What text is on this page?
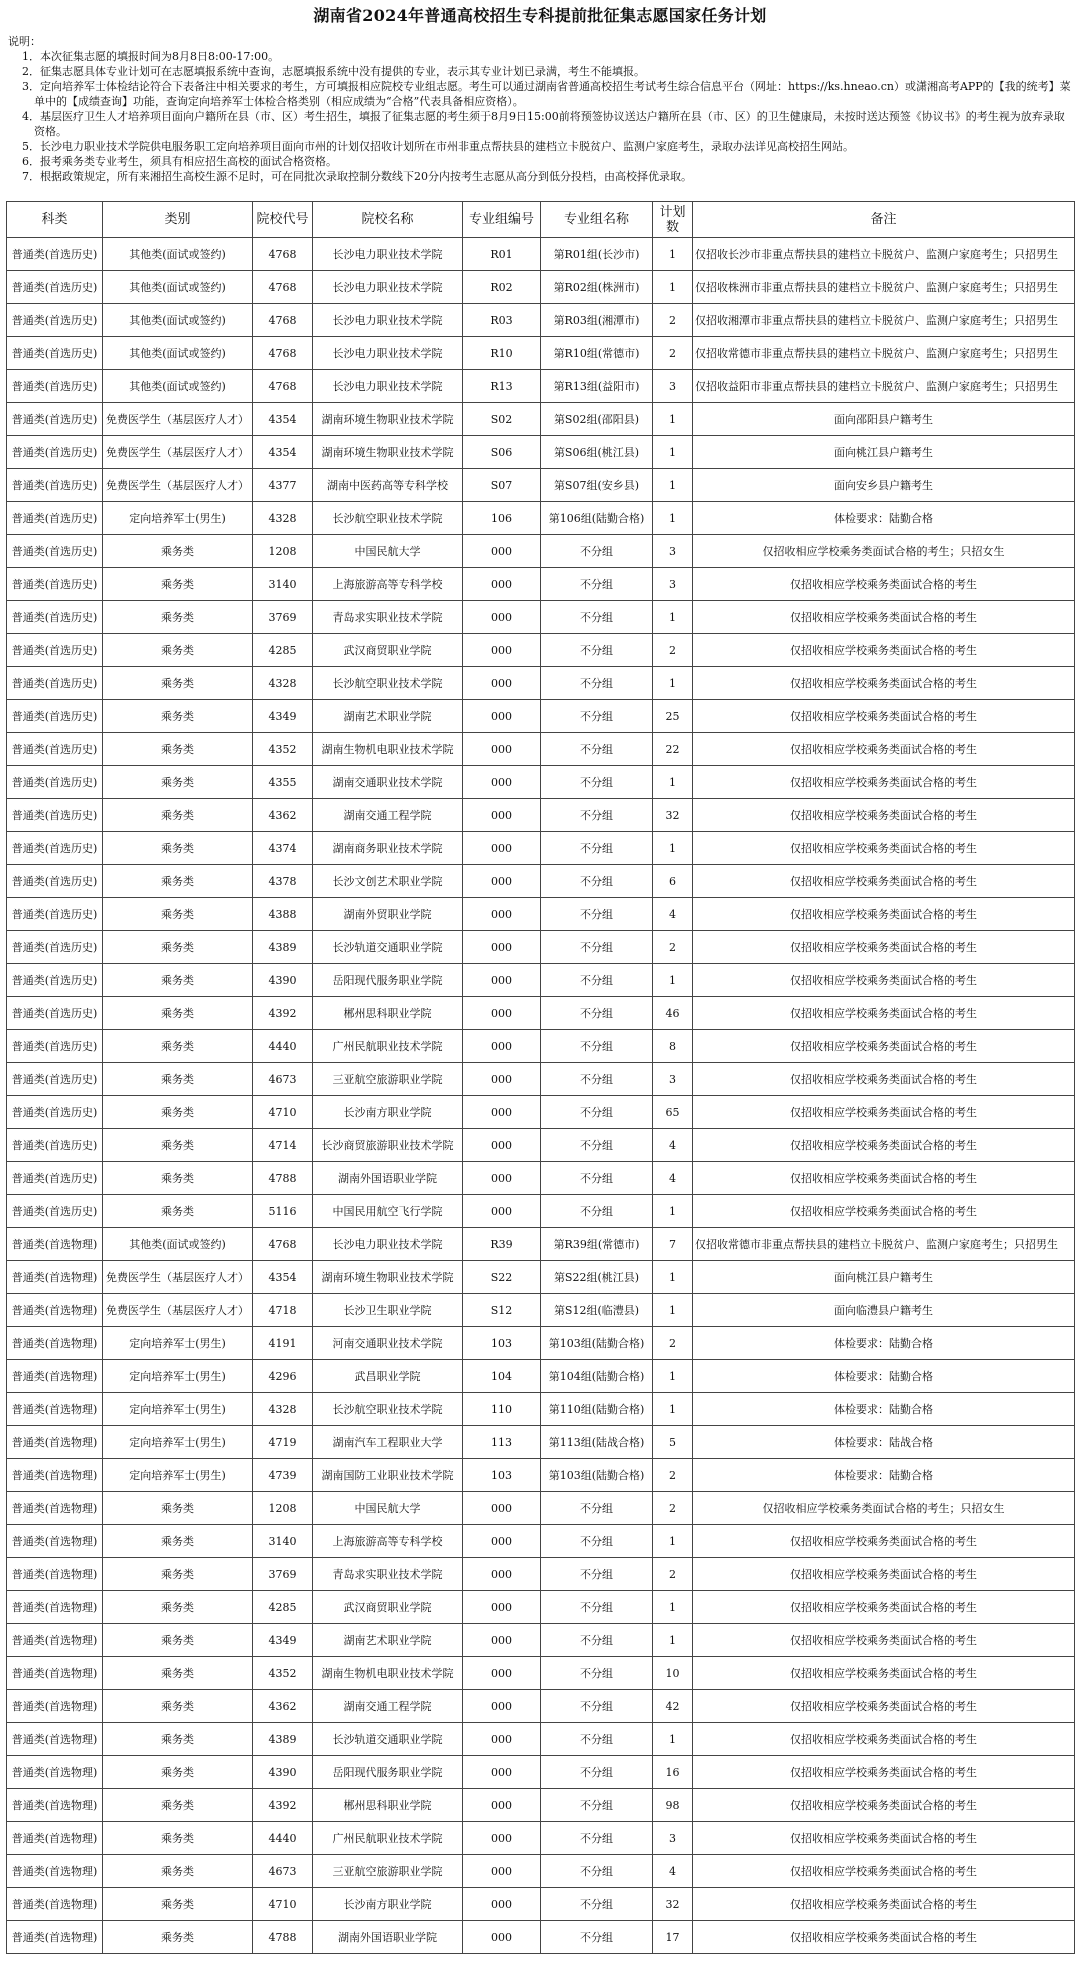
湖南省2024年普通高校招生专科提前批征集志愿国家任务计划
说明：
1．本次征集志愿的填报时间为8月8日8:00-17:00。
2．征集志愿具体专业计划可在志愿填报系统中查询，志愿填报系统中没有提供的专业，表示其专业计划已录满，考生不能填报。
3．定向培养军士体检结论符合下表备注中相关要求的考生，方可填报相应院校专业组志愿。考生可以通过湖南省普通高校招生考试考生综合信息平台（网址：https://ks.hneao.cn）或潇湘高考APP的【我的统考】菜单中的【成绩查询】功能，查询定向培养军士体检合格类别（相应成绩为“合格”代表具备相应资格）。
4．基层医疗卫生人才培养项目面向户籍所在县（市、区）考生招生，填报了征集志愿的考生须于8月9日15:00前将预签协议送达户籍所在县（市、区）的卫生健康局，未按时送达预签《协议书》的考生视为放弃录取资格。
5．长沙电力职业技术学院供电服务职工定向培养项目面向市州的计划仅招收计划所在市州非重点帮扶县的建档立卡脱贫户、监测户家庭考生，录取办法详见高校招生网站。
6．报考乘务类专业考生，须具有相应招生高校的面试合格资格。
7．根据政策规定，所有来湘招生高校生源不足时，可在同批次录取控制分数线下20分内按考生志愿从高分到低分投档，由高校择优录取。
科类	类别	院校代号	院校名称	专业组编号	专业组名称	计划数	备注
普通类(首选历史)	其他类(面试或签约)	4768	长沙电力职业技术学院	R01	第R01组(长沙市)	1	仅招收长沙市非重点帮扶县的建档立卡脱贫户、监测户家庭考生；只招男生
普通类(首选历史)	其他类(面试或签约)	4768	长沙电力职业技术学院	R02	第R02组(株洲市)	1	仅招收株洲市非重点帮扶县的建档立卡脱贫户、监测户家庭考生；只招男生
普通类(首选历史)	其他类(面试或签约)	4768	长沙电力职业技术学院	R03	第R03组(湘潭市)	2	仅招收湘潭市非重点帮扶县的建档立卡脱贫户、监测户家庭考生；只招男生
普通类(首选历史)	其他类(面试或签约)	4768	长沙电力职业技术学院	R10	第R10组(常德市)	2	仅招收常德市非重点帮扶县的建档立卡脱贫户、监测户家庭考生；只招男生
普通类(首选历史)	其他类(面试或签约)	4768	长沙电力职业技术学院	R13	第R13组(益阳市)	3	仅招收益阳市非重点帮扶县的建档立卡脱贫户、监测户家庭考生；只招男生
普通类(首选历史)	免费医学生（基层医疗人才）	4354	湖南环境生物职业技术学院	S02	第S02组(邵阳县)	1	面向邵阳县户籍考生
普通类(首选历史)	免费医学生（基层医疗人才）	4354	湖南环境生物职业技术学院	S06	第S06组(桃江县)	1	面向桃江县户籍考生
普通类(首选历史)	免费医学生（基层医疗人才）	4377	湖南中医药高等专科学校	S07	第S07组(安乡县)	1	面向安乡县户籍考生
普通类(首选历史)	定向培养军士(男生)	4328	长沙航空职业技术学院	106	第106组(陆勤合格)	1	体检要求：陆勤合格
普通类(首选历史)	乘务类	1208	中国民航大学	000	不分组	3	仅招收相应学校乘务类面试合格的考生；只招女生
普通类(首选历史)	乘务类	3140	上海旅游高等专科学校	000	不分组	3	仅招收相应学校乘务类面试合格的考生
普通类(首选历史)	乘务类	3769	青岛求实职业技术学院	000	不分组	1	仅招收相应学校乘务类面试合格的考生
普通类(首选历史)	乘务类	4285	武汉商贸职业学院	000	不分组	2	仅招收相应学校乘务类面试合格的考生
普通类(首选历史)	乘务类	4328	长沙航空职业技术学院	000	不分组	1	仅招收相应学校乘务类面试合格的考生
普通类(首选历史)	乘务类	4349	湖南艺术职业学院	000	不分组	25	仅招收相应学校乘务类面试合格的考生
普通类(首选历史)	乘务类	4352	湖南生物机电职业技术学院	000	不分组	22	仅招收相应学校乘务类面试合格的考生
普通类(首选历史)	乘务类	4355	湖南交通职业技术学院	000	不分组	1	仅招收相应学校乘务类面试合格的考生
普通类(首选历史)	乘务类	4362	湖南交通工程学院	000	不分组	32	仅招收相应学校乘务类面试合格的考生
普通类(首选历史)	乘务类	4374	湖南商务职业技术学院	000	不分组	1	仅招收相应学校乘务类面试合格的考生
普通类(首选历史)	乘务类	4378	长沙文创艺术职业学院	000	不分组	6	仅招收相应学校乘务类面试合格的考生
普通类(首选历史)	乘务类	4388	湖南外贸职业学院	000	不分组	4	仅招收相应学校乘务类面试合格的考生
普通类(首选历史)	乘务类	4389	长沙轨道交通职业学院	000	不分组	2	仅招收相应学校乘务类面试合格的考生
普通类(首选历史)	乘务类	4390	岳阳现代服务职业学院	000	不分组	1	仅招收相应学校乘务类面试合格的考生
普通类(首选历史)	乘务类	4392	郴州思科职业学院	000	不分组	46	仅招收相应学校乘务类面试合格的考生
普通类(首选历史)	乘务类	4440	广州民航职业技术学院	000	不分组	8	仅招收相应学校乘务类面试合格的考生
普通类(首选历史)	乘务类	4673	三亚航空旅游职业学院	000	不分组	3	仅招收相应学校乘务类面试合格的考生
普通类(首选历史)	乘务类	4710	长沙南方职业学院	000	不分组	65	仅招收相应学校乘务类面试合格的考生
普通类(首选历史)	乘务类	4714	长沙商贸旅游职业技术学院	000	不分组	4	仅招收相应学校乘务类面试合格的考生
普通类(首选历史)	乘务类	4788	湖南外国语职业学院	000	不分组	4	仅招收相应学校乘务类面试合格的考生
普通类(首选历史)	乘务类	5116	中国民用航空飞行学院	000	不分组	1	仅招收相应学校乘务类面试合格的考生
普通类(首选物理)	其他类(面试或签约)	4768	长沙电力职业技术学院	R39	第R39组(常德市)	7	仅招收常德市非重点帮扶县的建档立卡脱贫户、监测户家庭考生；只招男生
普通类(首选物理)	免费医学生（基层医疗人才）	4354	湖南环境生物职业技术学院	S22	第S22组(桃江县)	1	面向桃江县户籍考生
普通类(首选物理)	免费医学生（基层医疗人才）	4718	长沙卫生职业学院	S12	第S12组(临澧县)	1	面向临澧县户籍考生
普通类(首选物理)	定向培养军士(男生)	4191	河南交通职业技术学院	103	第103组(陆勤合格)	2	体检要求：陆勤合格
普通类(首选物理)	定向培养军士(男生)	4296	武昌职业学院	104	第104组(陆勤合格)	1	体检要求：陆勤合格
普通类(首选物理)	定向培养军士(男生)	4328	长沙航空职业技术学院	110	第110组(陆勤合格)	1	体检要求：陆勤合格
普通类(首选物理)	定向培养军士(男生)	4719	湖南汽车工程职业大学	113	第113组(陆战合格)	5	体检要求：陆战合格
普通类(首选物理)	定向培养军士(男生)	4739	湖南国防工业职业技术学院	103	第103组(陆勤合格)	2	体检要求：陆勤合格
普通类(首选物理)	乘务类	1208	中国民航大学	000	不分组	2	仅招收相应学校乘务类面试合格的考生；只招女生
普通类(首选物理)	乘务类	3140	上海旅游高等专科学校	000	不分组	1	仅招收相应学校乘务类面试合格的考生
普通类(首选物理)	乘务类	3769	青岛求实职业技术学院	000	不分组	2	仅招收相应学校乘务类面试合格的考生
普通类(首选物理)	乘务类	4285	武汉商贸职业学院	000	不分组	1	仅招收相应学校乘务类面试合格的考生
普通类(首选物理)	乘务类	4349	湖南艺术职业学院	000	不分组	1	仅招收相应学校乘务类面试合格的考生
普通类(首选物理)	乘务类	4352	湖南生物机电职业技术学院	000	不分组	10	仅招收相应学校乘务类面试合格的考生
普通类(首选物理)	乘务类	4362	湖南交通工程学院	000	不分组	42	仅招收相应学校乘务类面试合格的考生
普通类(首选物理)	乘务类	4389	长沙轨道交通职业学院	000	不分组	1	仅招收相应学校乘务类面试合格的考生
普通类(首选物理)	乘务类	4390	岳阳现代服务职业学院	000	不分组	16	仅招收相应学校乘务类面试合格的考生
普通类(首选物理)	乘务类	4392	郴州思科职业学院	000	不分组	98	仅招收相应学校乘务类面试合格的考生
普通类(首选物理)	乘务类	4440	广州民航职业技术学院	000	不分组	3	仅招收相应学校乘务类面试合格的考生
普通类(首选物理)	乘务类	4673	三亚航空旅游职业学院	000	不分组	4	仅招收相应学校乘务类面试合格的考生
普通类(首选物理)	乘务类	4710	长沙南方职业学院	000	不分组	32	仅招收相应学校乘务类面试合格的考生
普通类(首选物理)	乘务类	4788	湖南外国语职业学院	000	不分组	17	仅招收相应学校乘务类面试合格的考生
